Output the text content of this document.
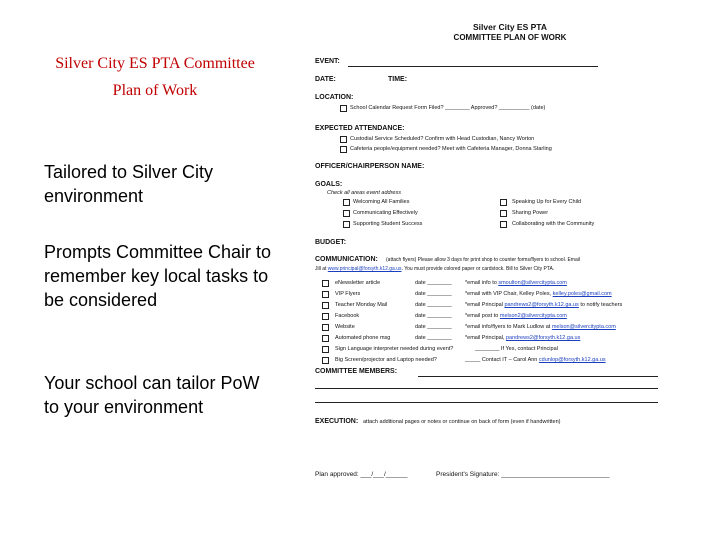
Silver City ES PTA Committee
Plan of Work

Tailored to Silver City environment

Prompts Committee Chair to remember key local tasks to be considered

Your school can tailor PoW to your environment

Silver City ES PTA
COMMITTEE PLAN OF WORK
EVENT:
DATE:	TIME:
LOCATION:
School Calendar Request Form Filed? ________ Approved? __________ (date)
EXPECTED ATTENDANCE:
Custodial Service Scheduled? Confirm with Head Custodian, Nancy Worton
Cafeteria people/equipment needed? Meet with Cafeteria Manager, Donna Starling
OFFICER/CHAIRPERSON NAME:
GOALS:
Check all areas event address
Welcoming All Families
Communicating Effectively
Supporting Student Success
Speaking Up for Every Child
Sharing Power
Collaborating with the Community
BUDGET:
COMMUNICATION: (attach flyers) Please allow 3 days for print shop to counter forms/flyers to school. Email
Jill at www.principal@forsyth.k12.ga.us. You must provide colored paper or cardstock. Bill to Silver City PTA.
eNewsletter article	date ________ *email info to smoulton@silvercitypta.com
VIP Flyers	date ________ *email with VIP Chair, Kelley Poles, kelley.poles@gmail.com
Teacher Monday Mail	date ________ *email Principal pandrews2@forsyth.k12.ga.us to notify teachers
Facebook	date ________ *email post to melson2@silvercitypta.com
Website	date ________ *email info/flyers to Mark Ludlow at melson@silvercitypta.com
Automated phone msg	date ________ *email Principal, pandrews2@forsyth.k12.ga.us
Sign Language interpreter needed during event?	________ If Yes, contact Principal
Big Screen/projector and Laptop needed?	_____ Contact IT – Carol Ann cdunlop@forsyth.k12.ga.us
COMMITTEE MEMBERS:
EXECUTION: attach additional pages or notes or continue on back of form (even if handwritten)
Plan approved: ___/___/______	President's Signature: ______________________________
